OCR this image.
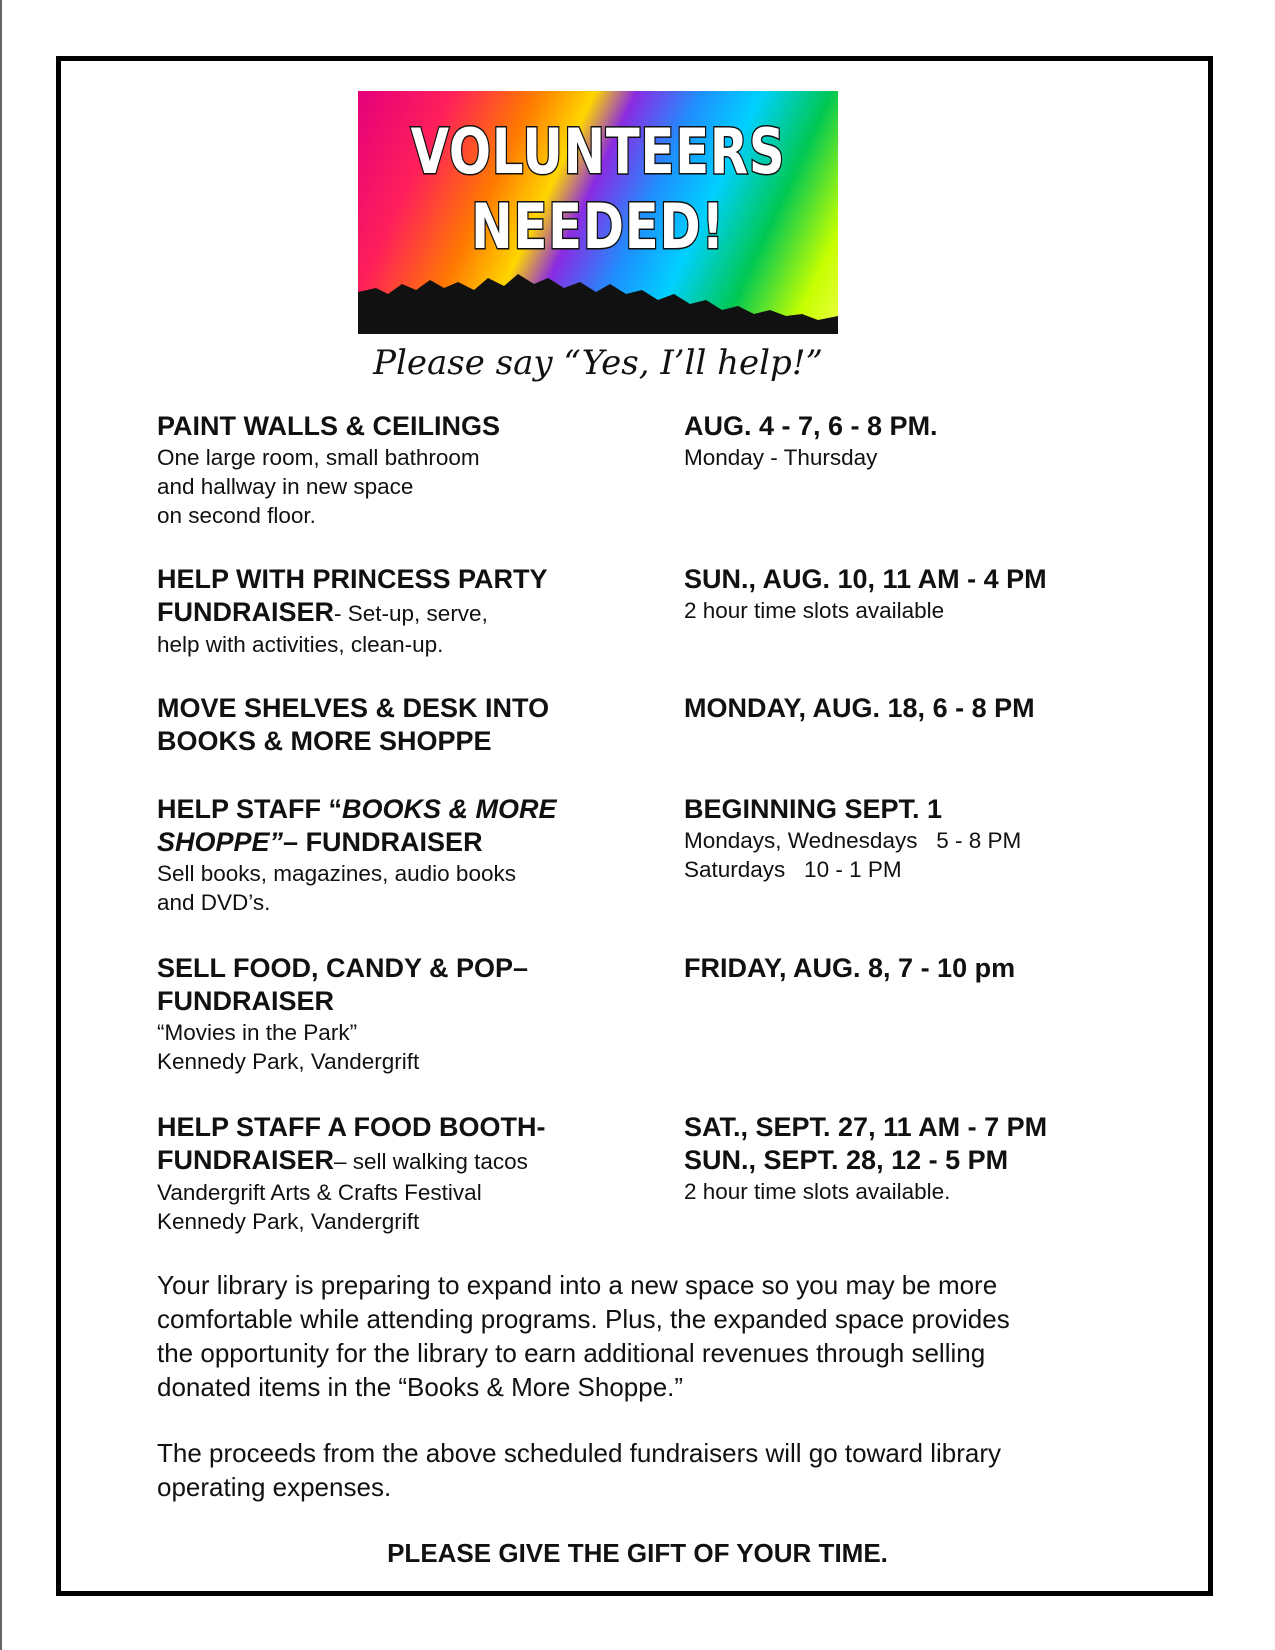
VOLUNTEERS
NEEDED!
Please say “Yes, I’ll help!”
PAINT WALLS & CEILINGS
One large room, small bathroom
and hallway in new space
on second floor.
AUG. 4 - 7, 6 - 8 PM.
Monday - Thursday
HELP WITH PRINCESS PARTY
FUNDRAISER- Set-up, serve,
help with activities, clean-up.
SUN., AUG. 10, 11 AM - 4 PM
2 hour time slots available
MOVE SHELVES & DESK INTO
BOOKS & MORE SHOPPE
MONDAY, AUG. 18, 6 - 8 PM
HELP STAFF “BOOKS & MORE
SHOPPE”– FUNDRAISER
Sell books, magazines, audio books
and DVD’s.
BEGINNING SEPT. 1
Mondays, Wednesdays   5 - 8 PM
Saturdays   10 - 1 PM
SELL FOOD, CANDY & POP–
FUNDRAISER
“Movies in the Park”
Kennedy Park, Vandergrift
FRIDAY, AUG. 8, 7 - 10 pm
HELP STAFF A FOOD BOOTH-
FUNDRAISER– sell walking tacos
Vandergrift Arts & Crafts Festival
Kennedy Park, Vandergrift
SAT., SEPT. 27, 11 AM - 7 PM
SUN., SEPT. 28, 12 - 5 PM
2 hour time slots available.
Your library is preparing to expand into a new space so you may be more
comfortable while attending programs. Plus, the expanded space provides
the opportunity for the library to earn additional revenues through selling
donated items in the “Books & More Shoppe.”
The proceeds from the above scheduled fundraisers will go toward library
operating expenses.
PLEASE GIVE THE GIFT OF YOUR TIME.
